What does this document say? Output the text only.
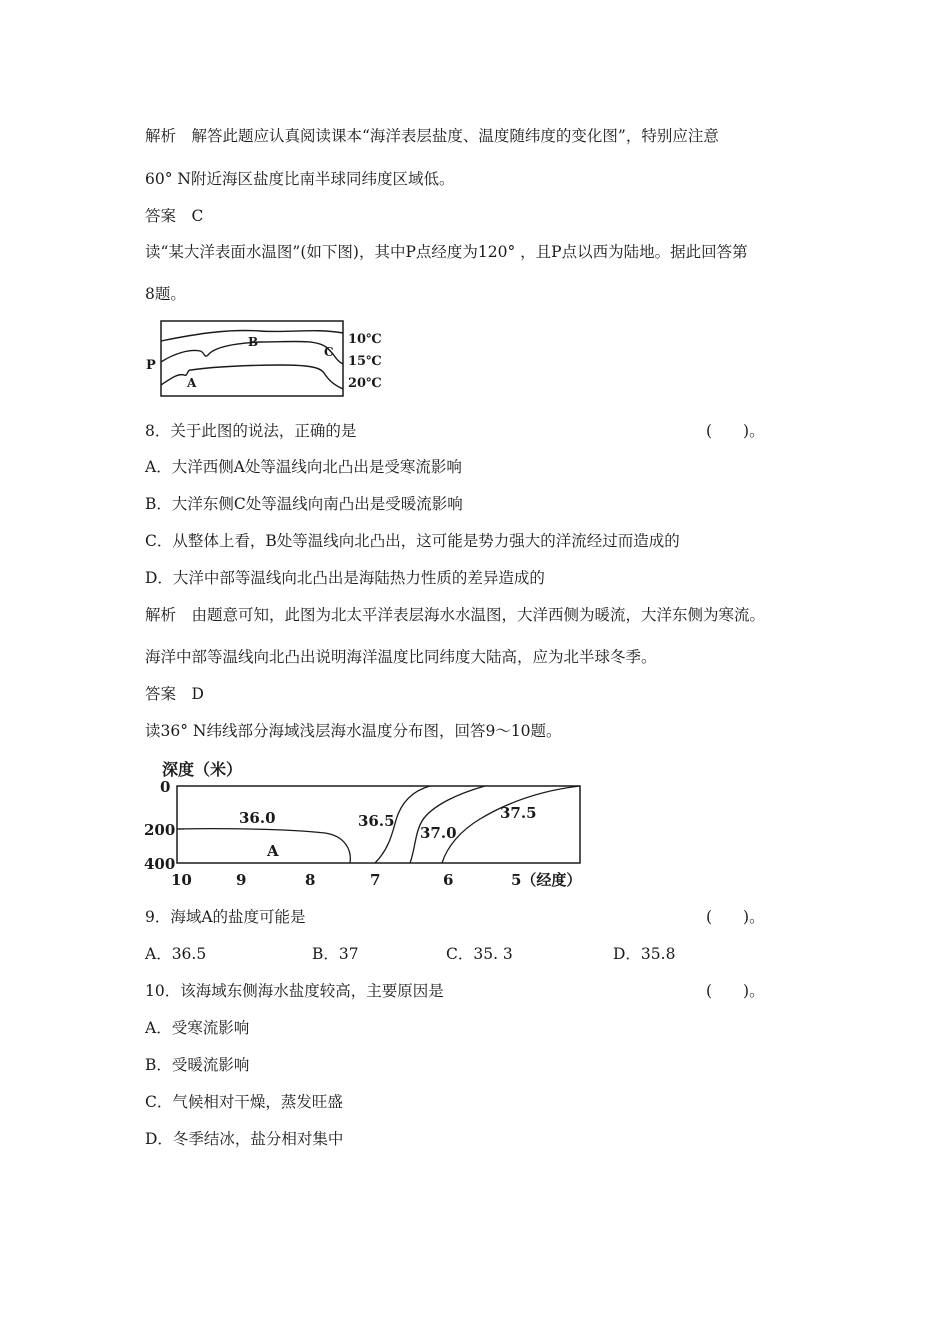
解析　解答此题应认真阅读课本“海洋表层盐度、温度随纬度的变化图”，特别应注意
60° N附近海区盐度比南半球同纬度区域低。
答案　C
读“某大洋表面水温图”(如下图)，其中P点经度为120° ，且P点以西为陆地。据此回答第
8题。
P
A
B
C
10℃
15℃
20℃
8．关于此图的说法，正确的是	(　　)。
A．大洋西侧A处等温线向北凸出是受寒流影响
B．大洋东侧C处等温线向南凸出是受暖流影响
C．从整体上看，B处等温线向北凸出，这可能是势力强大的洋流经过而造成的
D．大洋中部等温线向北凸出是海陆热力性质的差异造成的
解析　由题意可知，此图为北太平洋表层海水水温图，大洋西侧为暖流，大洋东侧为寒流。
海洋中部等温线向北凸出说明海洋温度比同纬度大陆高，应为北半球冬季。
答案　D
读36° N纬线部分海域浅层海水温度分布图，回答9～10题。
深度（米）
0
200
400
10	9	8	7	6	5（经度）
36.0	36.5
37.0
37.5
A
9．海域A的盐度可能是	(　　)。
A．36.5	B．37	C．35. 3	D．35.8
10．该海域东侧海水盐度较高，主要原因是	(　　)。
A．受寒流影响
B．受暖流影响
C．气候相对干燥，蒸发旺盛
D．冬季结冰，盐分相对集中
